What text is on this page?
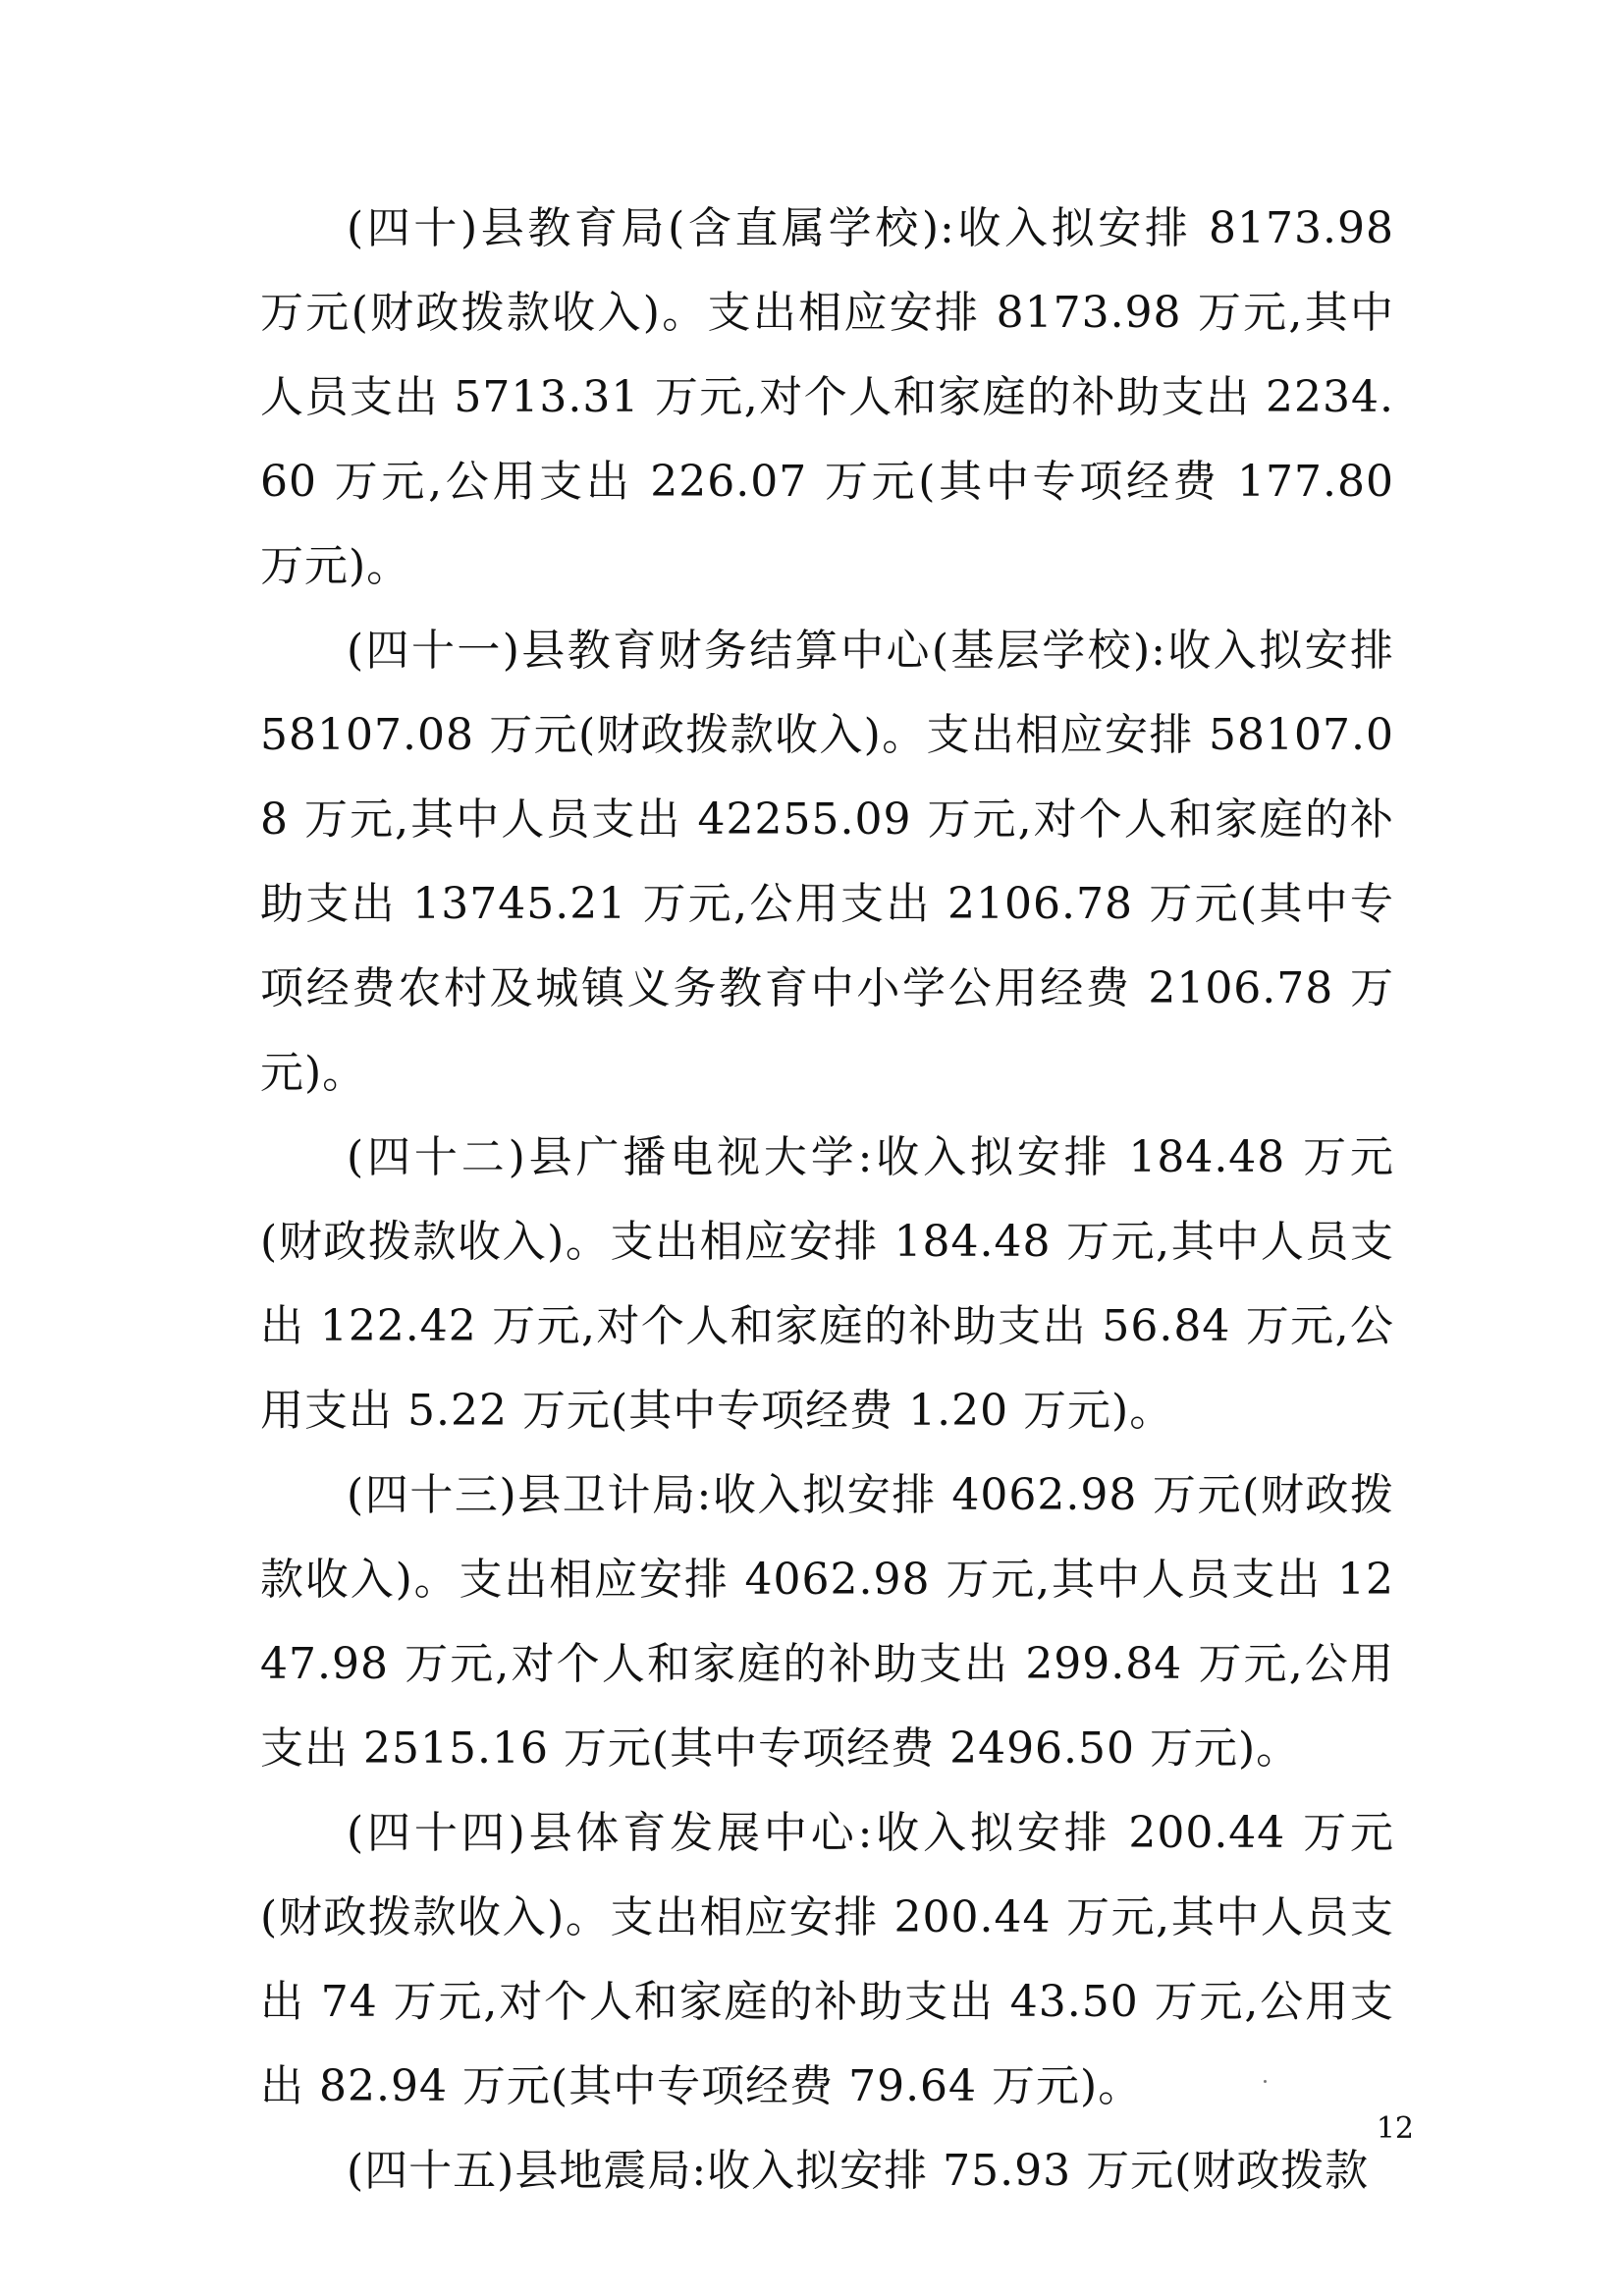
(四十)县教育局(含直属学校):收入拟安排 8173.98 万元(财政拨款收入)。支出相应安排 8173.98 万元,其中人员支出 5713.31 万元,对个人和家庭的补助支出 2234.60 万元,公用支出 226.07 万元(其中专项经费 177.80 万元)。

(四十一)县教育财务结算中心(基层学校):收入拟安排 58107.08 万元(财政拨款收入)。支出相应安排 58107.08 万元,其中人员支出 42255.09 万元,对个人和家庭的补助支出 13745.21 万元,公用支出 2106.78 万元(其中专项经费农村及城镇义务教育中小学公用经费 2106.78 万元)。

(四十二)县广播电视大学:收入拟安排 184.48 万元(财政拨款收入)。支出相应安排 184.48 万元,其中人员支出 122.42 万元,对个人和家庭的补助支出 56.84 万元,公用支出 5.22 万元(其中专项经费 1.20 万元)。

(四十三)县卫计局:收入拟安排 4062.98 万元(财政拨款收入)。支出相应安排 4062.98 万元,其中人员支出 1247.98 万元,对个人和家庭的补助支出 299.84 万元,公用支出 2515.16 万元(其中专项经费 2496.50 万元)。

(四十四)县体育发展中心:收入拟安排 200.44 万元(财政拨款收入)。支出相应安排 200.44 万元,其中人员支出 74 万元,对个人和家庭的补助支出 43.50 万元,公用支出 82.94 万元(其中专项经费 79.64 万元)。

(四十五)县地震局:收入拟安排 75.93 万元(财政拨款

12
